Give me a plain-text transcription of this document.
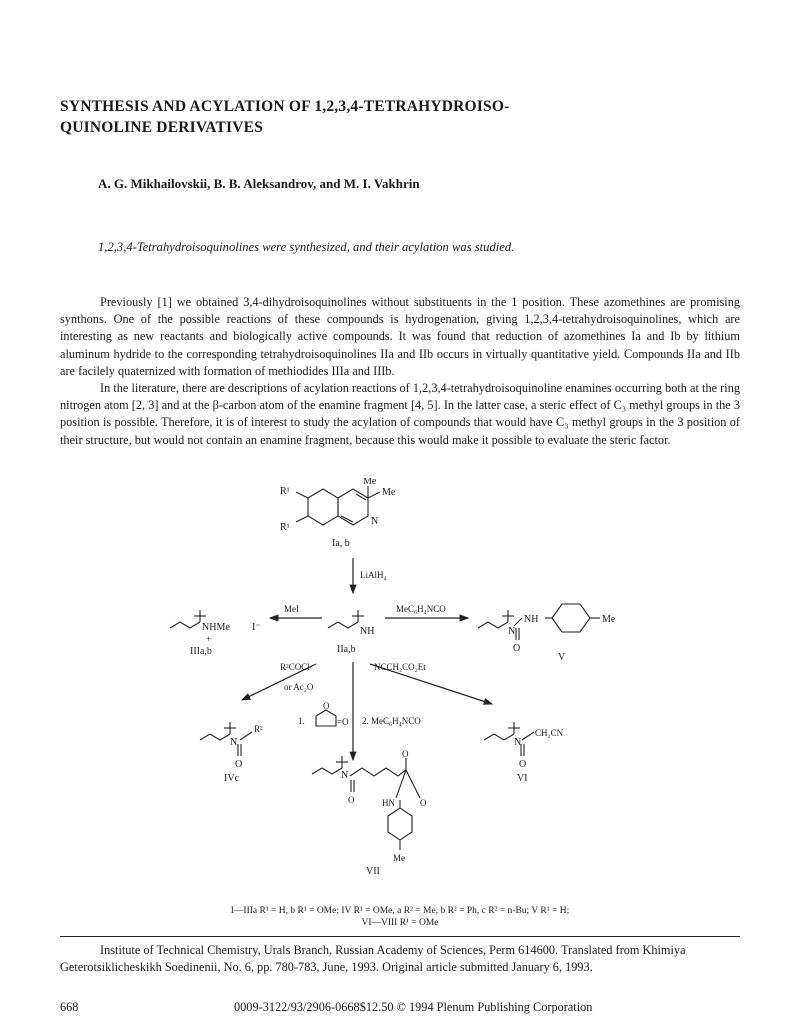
SYNTHESIS AND ACYLATION OF 1,2,3,4-TETRAHYDROISO-
QUINOLINE DERIVATIVES
A. G. Mikhailovskii, B. B. Aleksandrov, and M. I. Vakhrin
1,2,3,4-Tetrahydroisoquinolines were synthesized, and their acylation was studied.

Previously [1] we obtained 3,4-dihydroisoquinolines without substituents in the 1 position. These azomethines are promising synthons. One of the possible reactions of these compounds is hydrogenation, giving 1,2,3,4-tetrahydroisoquinolines, which are interesting as new reactants and biologically active compounds. It was found that reduction of azomethines Ia and Ib by lithium aluminum hydride to the corresponding tetrahydroisoquinolines IIa and IIb occurs in virtually quantitative yield. Compounds IIa and IIb are facilely quaternized with formation of methiodides IIIa and IIIb.

In the literature, there are descriptions of acylation reactions of 1,2,3,4-tetrahydroisoquinoline enamines occurring both at the ring nitrogen atom [2, 3] and at the β-carbon atom of the enamine fragment [4, 5]. In the latter case, a steric effect of C₃ methyl groups in the 3 position is possible. Therefore, it is of interest to study the acylation of compounds that would have C₃ methyl groups in the 3 position of their structure, but would not contain an enamine fragment, because this would make it possible to evaluate the steric factor.

Me
Me
R¹
R¹
N
Ia, b
LiAlH₄
NH
IIa,b
MeI
NHMe I⁻
+
IIIa,b
MeC₆H₄NCO
N
NH
O
Me
V
R²COCl
or Ac₂O
1.
O
=O 2. MeC₆H₄NCO
NCCH₂CO₂Et
N
R²
O
IVc
N
CH₂CN
O
VI
N
O
O	HN	O
Me
VII
I—IIIa R¹ = H, b R¹ = OMe; IV R¹ = OMe, a R² = Me, b R² = Ph, c R² = n-Bu; V R¹ = H;
VI—VIII R¹ = OMe
Institute of Technical Chemistry, Urals Branch, Russian Academy of Sciences, Perm 614600. Translated from Khimiya Geterotsiklicheskikh Soedinenii, No. 6, pp. 780-783, June, 1993. Original article submitted January 6, 1993.
668	0009-3122/93/2906-0668$12.50 © 1994 Plenum Publishing Corporation
